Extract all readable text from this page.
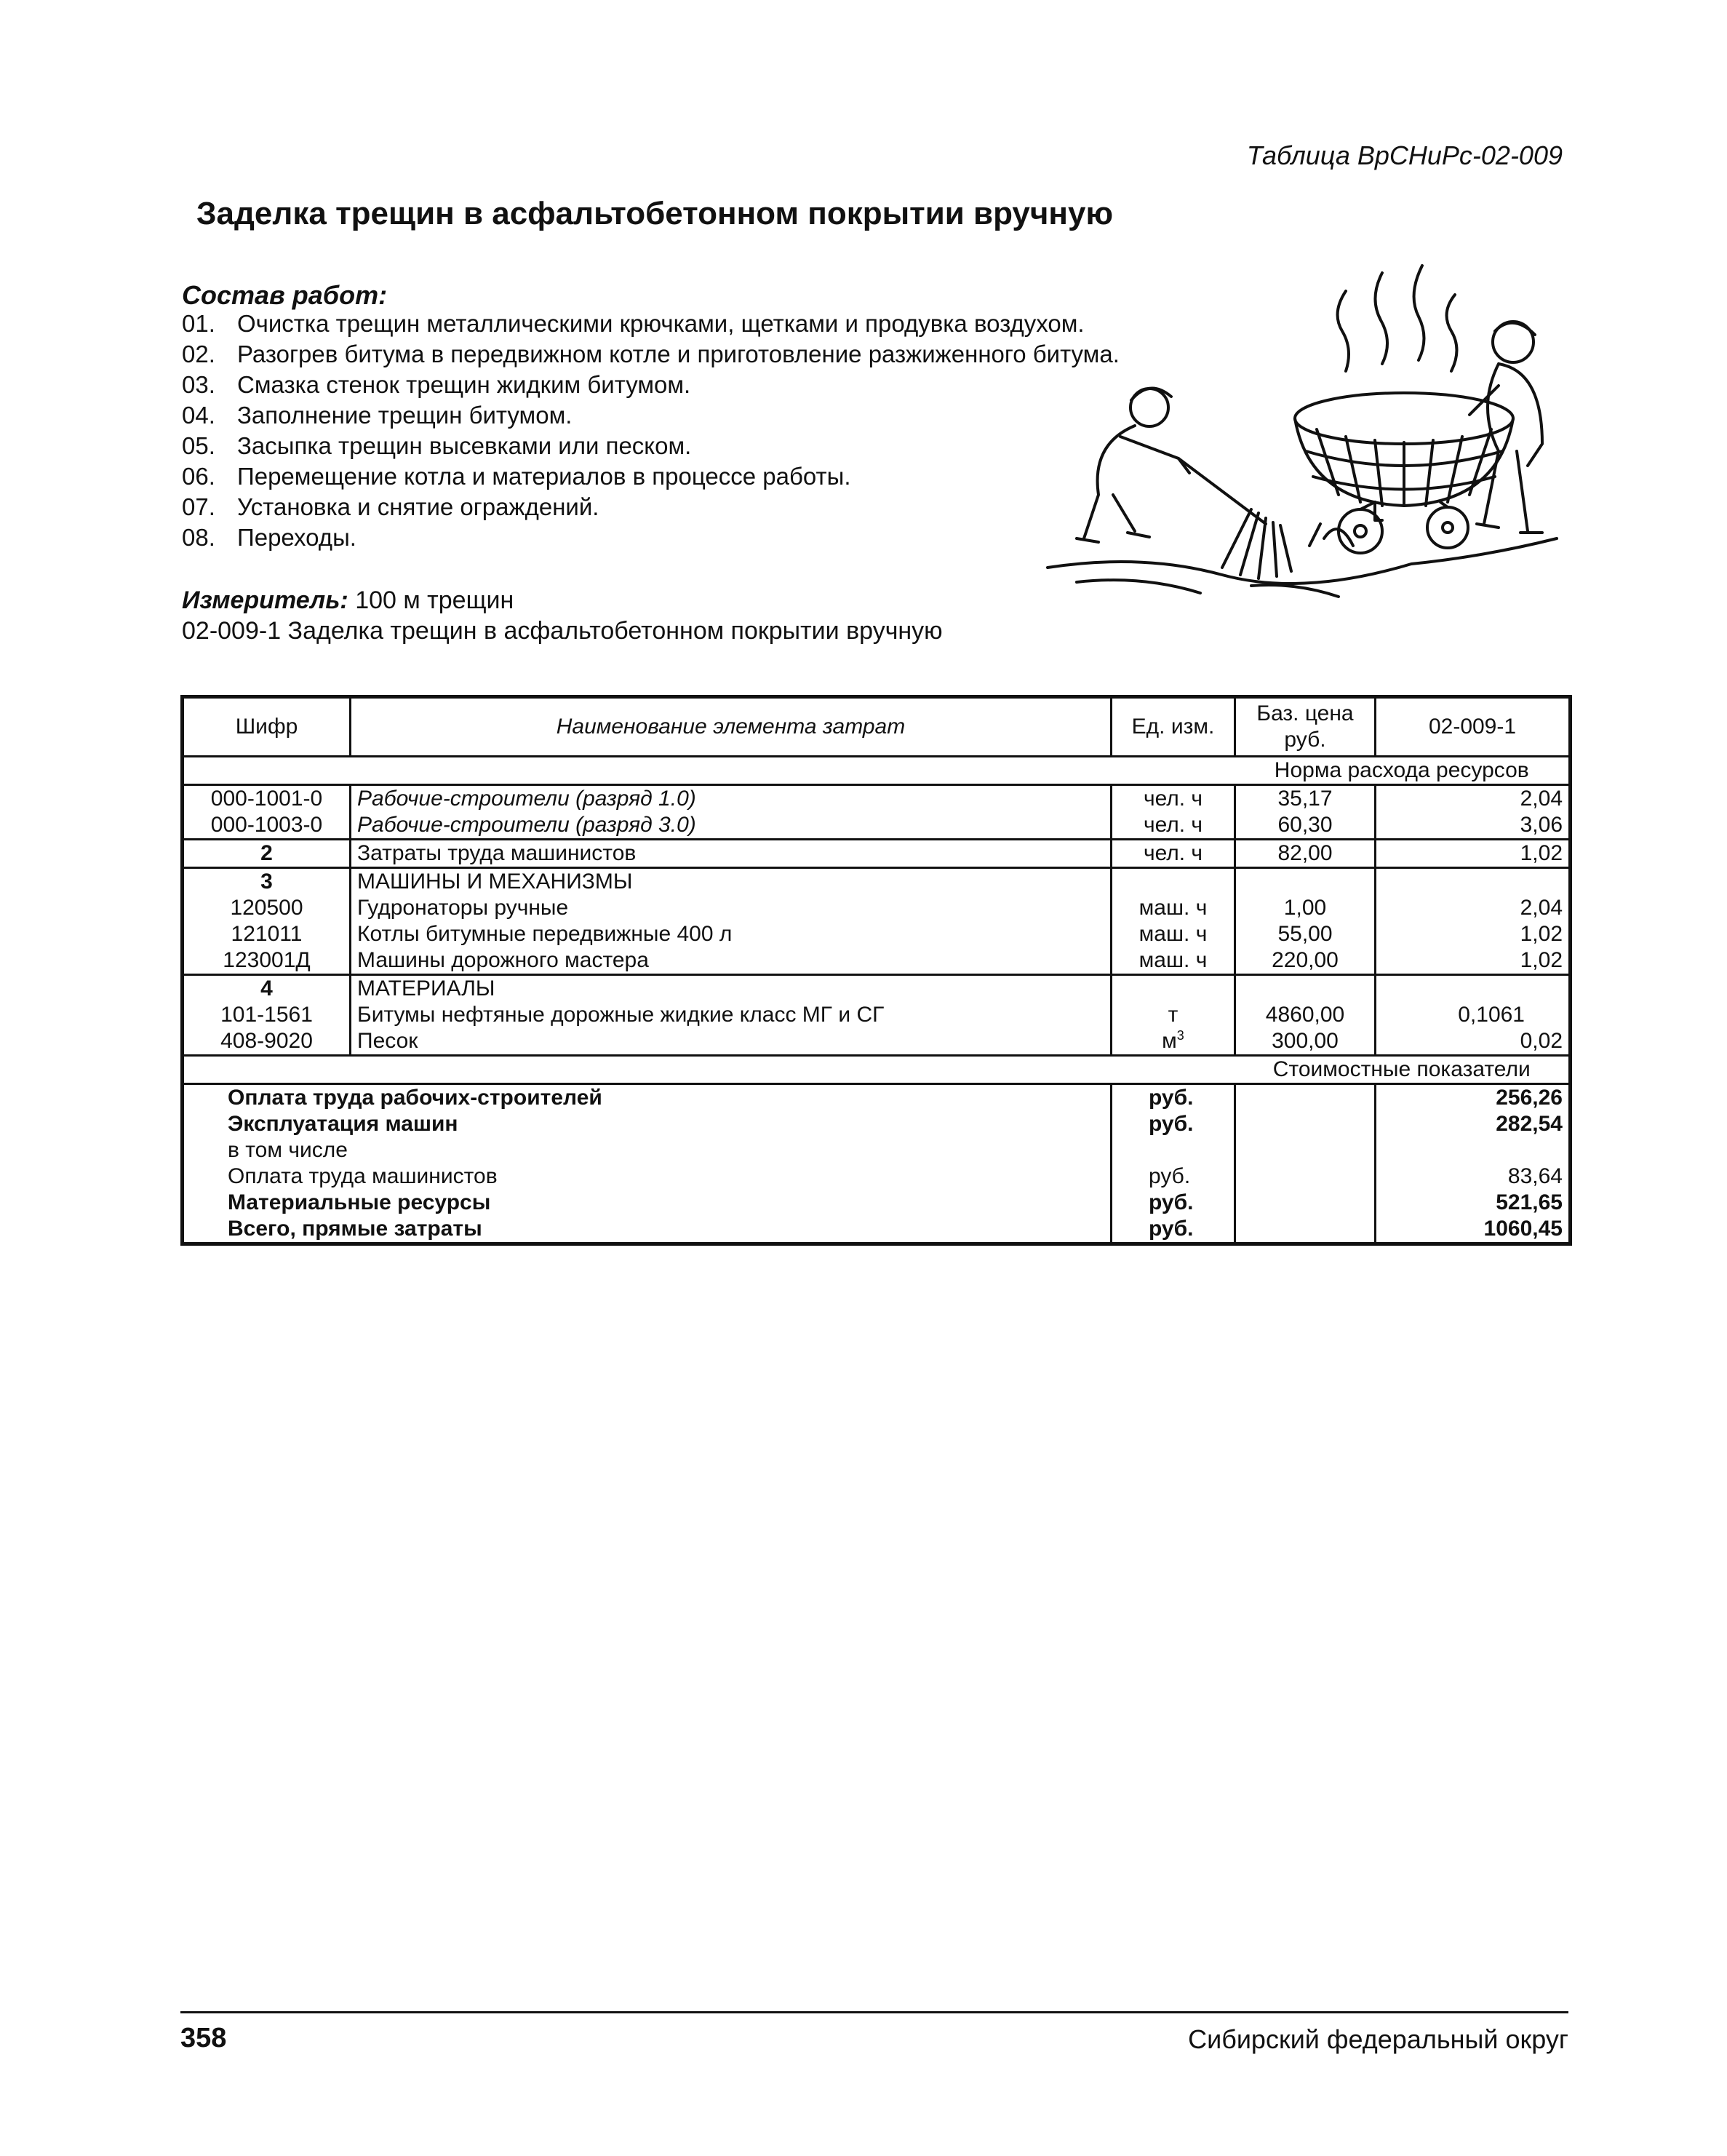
Таблица ВрСНиРс-02-009
Заделка трещин в асфальтобетонном покрытии вручную
Состав работ:
01. Очистка трещин металлическими крючками, щетками и продувка воздухом.
02. Разогрев битума в передвижном котле и приготовление разжиженного битума.
03. Смазка стенок трещин жидким битумом.
04. Заполнение трещин битумом.
05. Засыпка трещин высевками или песком.
06. Перемещение котла и материалов в процессе работы.
07. Установка и снятие ограждений.
08. Переходы.
Измеритель: 100 м трещин
02-009-1 Заделка трещин в асфальтобетонном покрытии вручную
Шифр	Наименование элемента затрат	Ед. изм.	Баз. цена руб.	02-009-1
			Норма расхода ресурсов	
000-1001-0	Рабочие-строители (разряд 1.0)	чел. ч	35,17	2,04
000-1003-0	Рабочие-строители (разряд 3.0)	чел. ч	60,30	3,06
2	Затраты труда машинистов	чел. ч	82,00	1,02
3	МАШИНЫ И МЕХАНИЗМЫ			
120500	Гудронаторы ручные	маш. ч	1,00	2,04
121011	Котлы битумные передвижные 400 л	маш. ч	55,00	1,02
123001Д	Машины дорожного мастера	маш. ч	220,00	1,02
4	МАТЕРИАЛЫ			
101-1561	Битумы нефтяные дорожные жидкие класс МГ и СГ	т	4860,00	0,1061
408-9020	Песок	$м^3$	300,00	0,02
			Стоимостные показатели	
Оплата труда рабочих-строителей		руб.		256,26
Эксплуатация машин		руб.		282,54
в том числе				
Оплата труда машинистов		руб.		83,64
Материальные ресурсы		руб.		521,65
Всего, прямые затраты		руб.		1060,45
358	Сибирский федеральный округ
